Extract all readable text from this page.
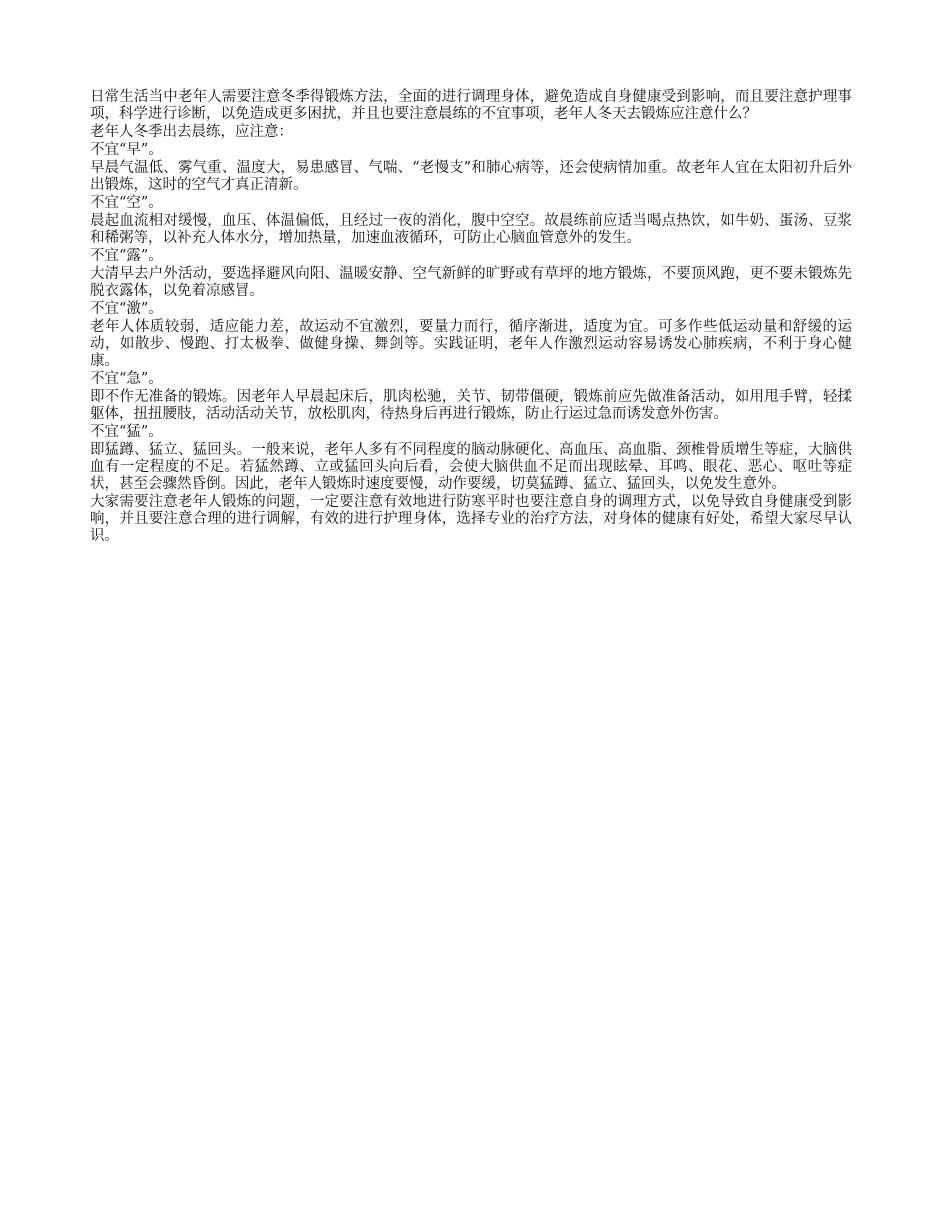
日常生活当中老年人需要注意冬季得锻炼方法，全面的进行调理身体，避免造成自身健康受到影响，而且要注意护理事项，科学进行诊断，以免造成更多困扰，并且也要注意晨练的不宜事项，老年人冬天去锻炼应注意什么？

老年人冬季出去晨练，应注意：

不宜“早”。

早晨气温低、雾气重、温度大，易患感冒、气喘、“老慢支”和肺心病等，还会使病情加重。故老年人宜在太阳初升后外出锻炼，这时的空气才真正清新。

不宜“空”。

晨起血流相对缓慢，血压、体温偏低，且经过一夜的消化，腹中空空。故晨练前应适当喝点热饮，如牛奶、蛋汤、豆浆和稀粥等，以补充人体水分，增加热量，加速血液循环，可防止心脑血管意外的发生。

不宜“露”。

大清早去户外活动，要选择避风向阳、温暖安静、空气新鲜的旷野或有草坪的地方锻炼，不要顶风跑，更不要未锻炼先脱衣露体，以免着凉感冒。

不宜“激”。

老年人体质较弱，适应能力差，故运动不宜激烈，要量力而行，循序渐进，适度为宜。可多作些低运动量和舒缓的运动，如散步、慢跑、打太极拳、做健身操、舞剑等。实践证明，老年人作激烈运动容易诱发心肺疾病，不利于身心健康。

不宜“急”。

即不作无准备的锻炼。因老年人早晨起床后，肌肉松驰，关节、韧带僵硬，锻炼前应先做准备活动，如用甩手臂，轻揉躯体，扭扭腰肢，活动活动关节，放松肌肉，待热身后再进行锻炼，防止行运过急而诱发意外伤害。

不宜“猛”。

即猛蹲、猛立、猛回头。一般来说，老年人多有不同程度的脑动脉硬化、高血压、高血脂、颈椎骨质增生等症，大脑供血有一定程度的不足。若猛然蹲、立或猛回头向后看，会使大脑供血不足而出现眩晕、耳鸣、眼花、恶心、呕吐等症状，甚至会骤然昏倒。因此，老年人锻炼时速度要慢，动作要缓，切莫猛蹲、猛立、猛回头，以免发生意外。

大家需要注意老年人锻炼的问题，一定要注意有效地进行防寒平时也要注意自身的调理方式，以免导致自身健康受到影响，并且要注意合理的进行调解，有效的进行护理身体，选择专业的治疗方法，对身体的健康有好处，希望大家尽早认识。
